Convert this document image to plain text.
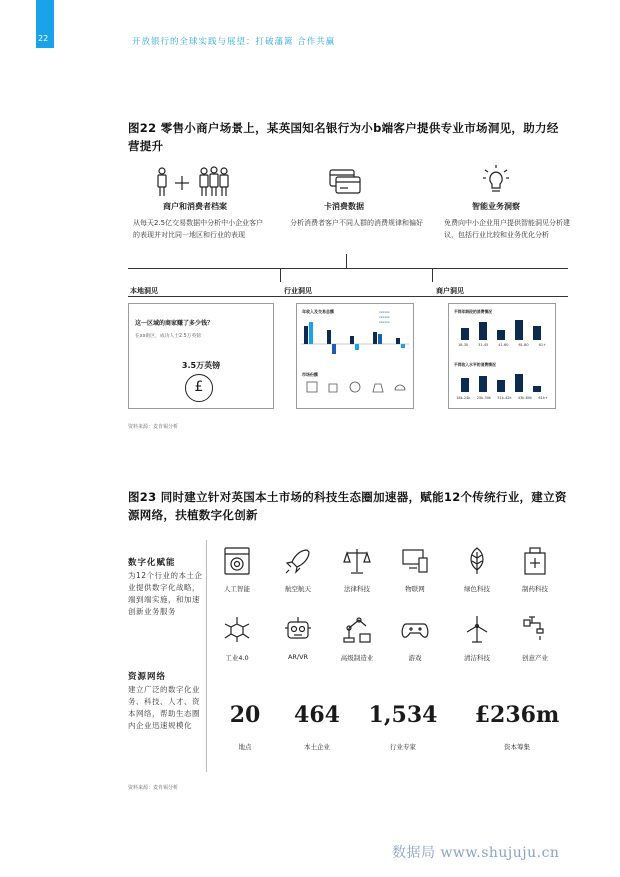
22	开放银行的全球实践与展望：打破藩篱 合作共赢
图22 零售小商户场景上，某英国知名银行为小b端客户提供专业市场洞见，助力经营提升
商户和消费者档案
从每天2.5亿交易数据中分析中小企业客户的表现并对比同一地区和行业的表现
卡消费数据
分析消费者客户不同人群的消费规律和偏好
智能业务洞察
免费向中小企业用户提供智能洞见分析建议，包括行业比较和业务优化分析
本地洞见	行业洞见	商户洞见
这一区域的商家赚了多少钱？
在xx街区，成功人士2.5万英镑
3.5万英镑
£
年收入及交易总额	xxxxxx
xxxxxx
xxxxxx
市场份额
不同年龄段的消费情况
18-30	31-45	41-60	61-80	81+
不同收入水平的消费情况
18k-24k 25k-30k 31k-42k 43k-60k 61k+
资料来源：麦肯锡分析
图23 同时建立针对英国本土市场的科技生态圈加速器，赋能12个传统行业，建立资源网络，扶植数字化创新
数字化赋能
为12个行业的本土企业提供数字化战略，端到端实施，和加速创新业务服务
资源网络
建立广泛的数字化业务、科技、人才、资本网络，帮助生态圈内企业迅速规模化
人工智能	航空航天	法律科技	物联网	绿色科技	制药科技
工业4.0	AR/VR	高级制造业	游戏	清洁科技	创意产业
20	464	1,534	£236m
地点	本土企业	行业专家	资本筹集
资料来源：麦肯锡分析
数据局 www.shujuju.cn
